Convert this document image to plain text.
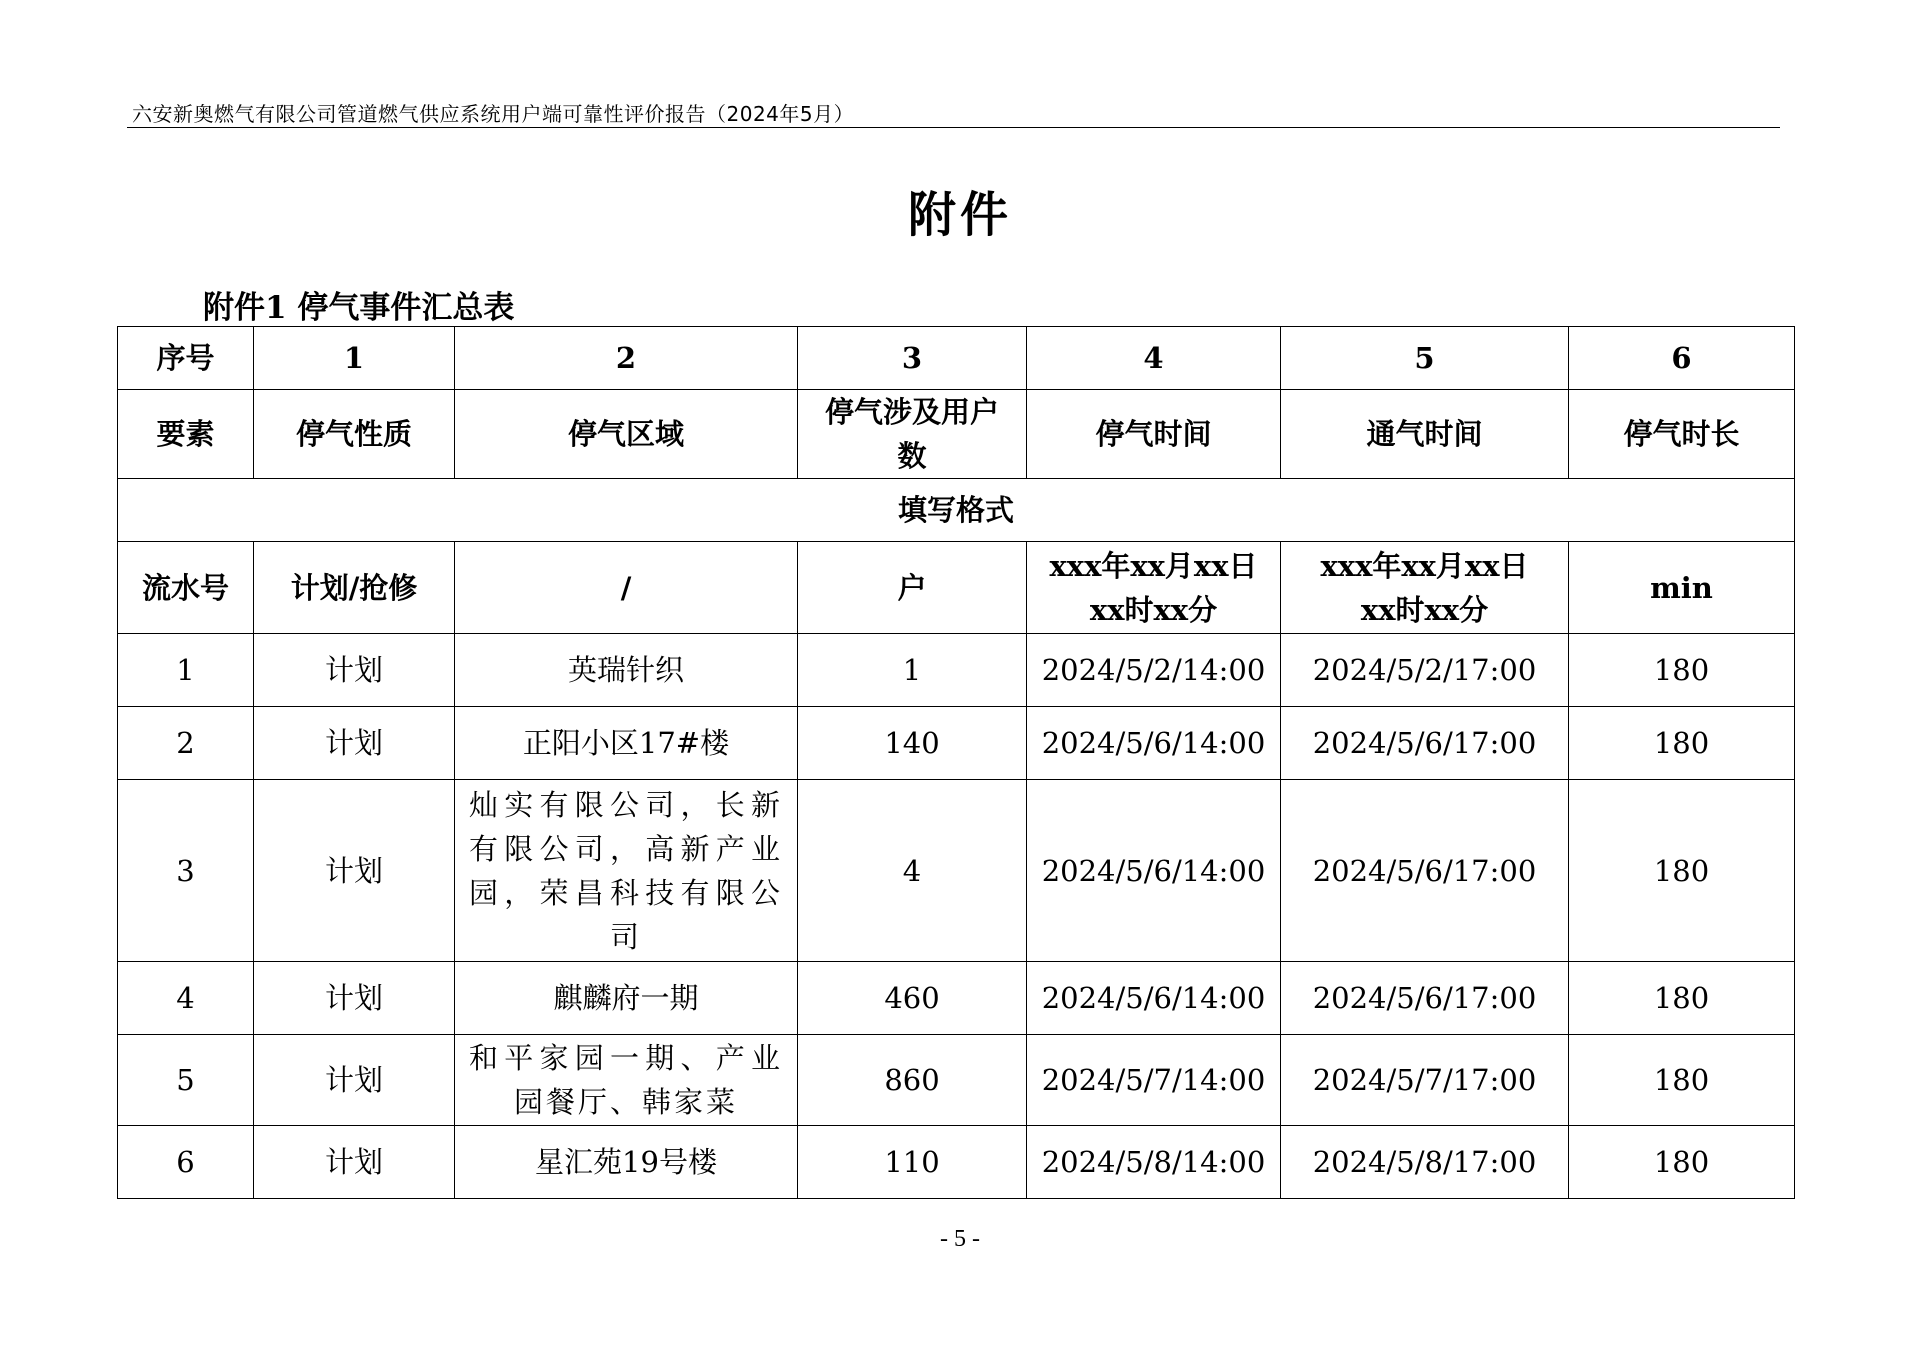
六安新奥燃气有限公司管道燃气供应系统用户端可靠性评价报告（2024年5月）
附件
附件1 停气事件汇总表
序号	1	2	3	4	5	6
要素	停气性质	停气区域	停气涉及用户数	停气时间	通气时间	停气时长
填写格式						
流水号	计划/抢修	/	户	xxx年xx月xx日xx时xx分	xxx年xx月xx日xx时xx分	min
1	计划	英瑞针织	1	2024/5/2/14:00	2024/5/2/17:00	180
2	计划	正阳小区17#楼	140	2024/5/6/14:00	2024/5/6/17:00	180
3	计划	灿实有限公司，长新有限公司，高新产业园，荣昌科技有限公司	4	2024/5/6/14:00	2024/5/6/17:00	180
4	计划	麒麟府一期	460	2024/5/6/14:00	2024/5/6/17:00	180
5	计划	和平家园一期、产业园餐厅、韩家菜	860	2024/5/7/14:00	2024/5/7/17:00	180
6	计划	星汇苑19号楼	110	2024/5/8/14:00	2024/5/8/17:00	180
- 5 -
